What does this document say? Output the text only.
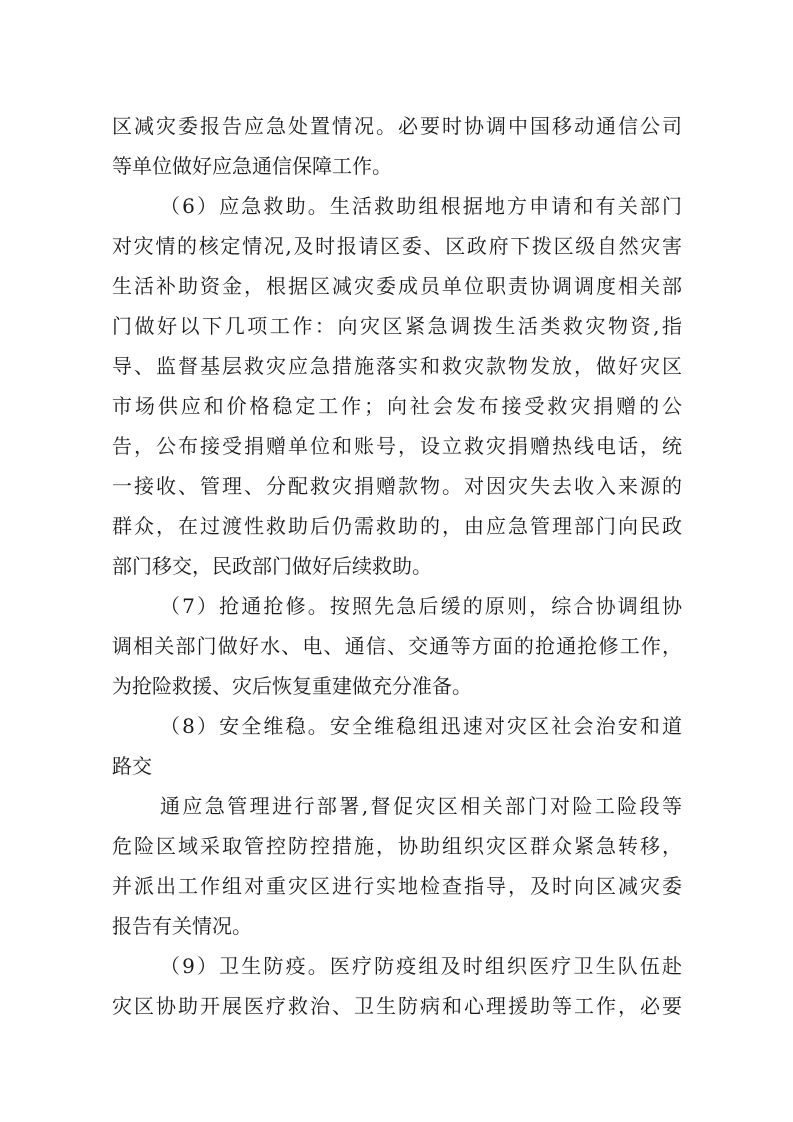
区减灾委报告应急处置情况。必要时协调中国移动通信公司
等单位做好应急通信保障工作。
（6）应急救助。生活救助组根据地方申请和有关部门
对灾情的核定情况,及时报请区委、区政府下拨区级自然灾害
生活补助资金，根据区减灾委成员单位职责协调调度相关部
门做好以下几项工作：向灾区紧急调拨生活类救灾物资,指
导、监督基层救灾应急措施落实和救灾款物发放，做好灾区
市场供应和价格稳定工作；向社会发布接受救灾捐赠的公
告，公布接受捐赠单位和账号，设立救灾捐赠热线电话，统
一接收、管理、分配救灾捐赠款物。对因灾失去收入来源的
群众，在过渡性救助后仍需救助的，由应急管理部门向民政
部门移交，民政部门做好后续救助。
（7）抢通抢修。按照先急后缓的原则，综合协调组协
调相关部门做好水、电、通信、交通等方面的抢通抢修工作，
为抢险救援、灾后恢复重建做充分准备。
（8）安全维稳。安全维稳组迅速对灾区社会治安和道
路交
通应急管理进行部署,督促灾区相关部门对险工险段等
危险区域采取管控防控措施，协助组织灾区群众紧急转移，
并派出工作组对重灾区进行实地检查指导，及时向区减灾委
报告有关情况。
（9）卫生防疫。医疗防疫组及时组织医疗卫生队伍赴
灾区协助开展医疗救治、卫生防病和心理援助等工作，必要
